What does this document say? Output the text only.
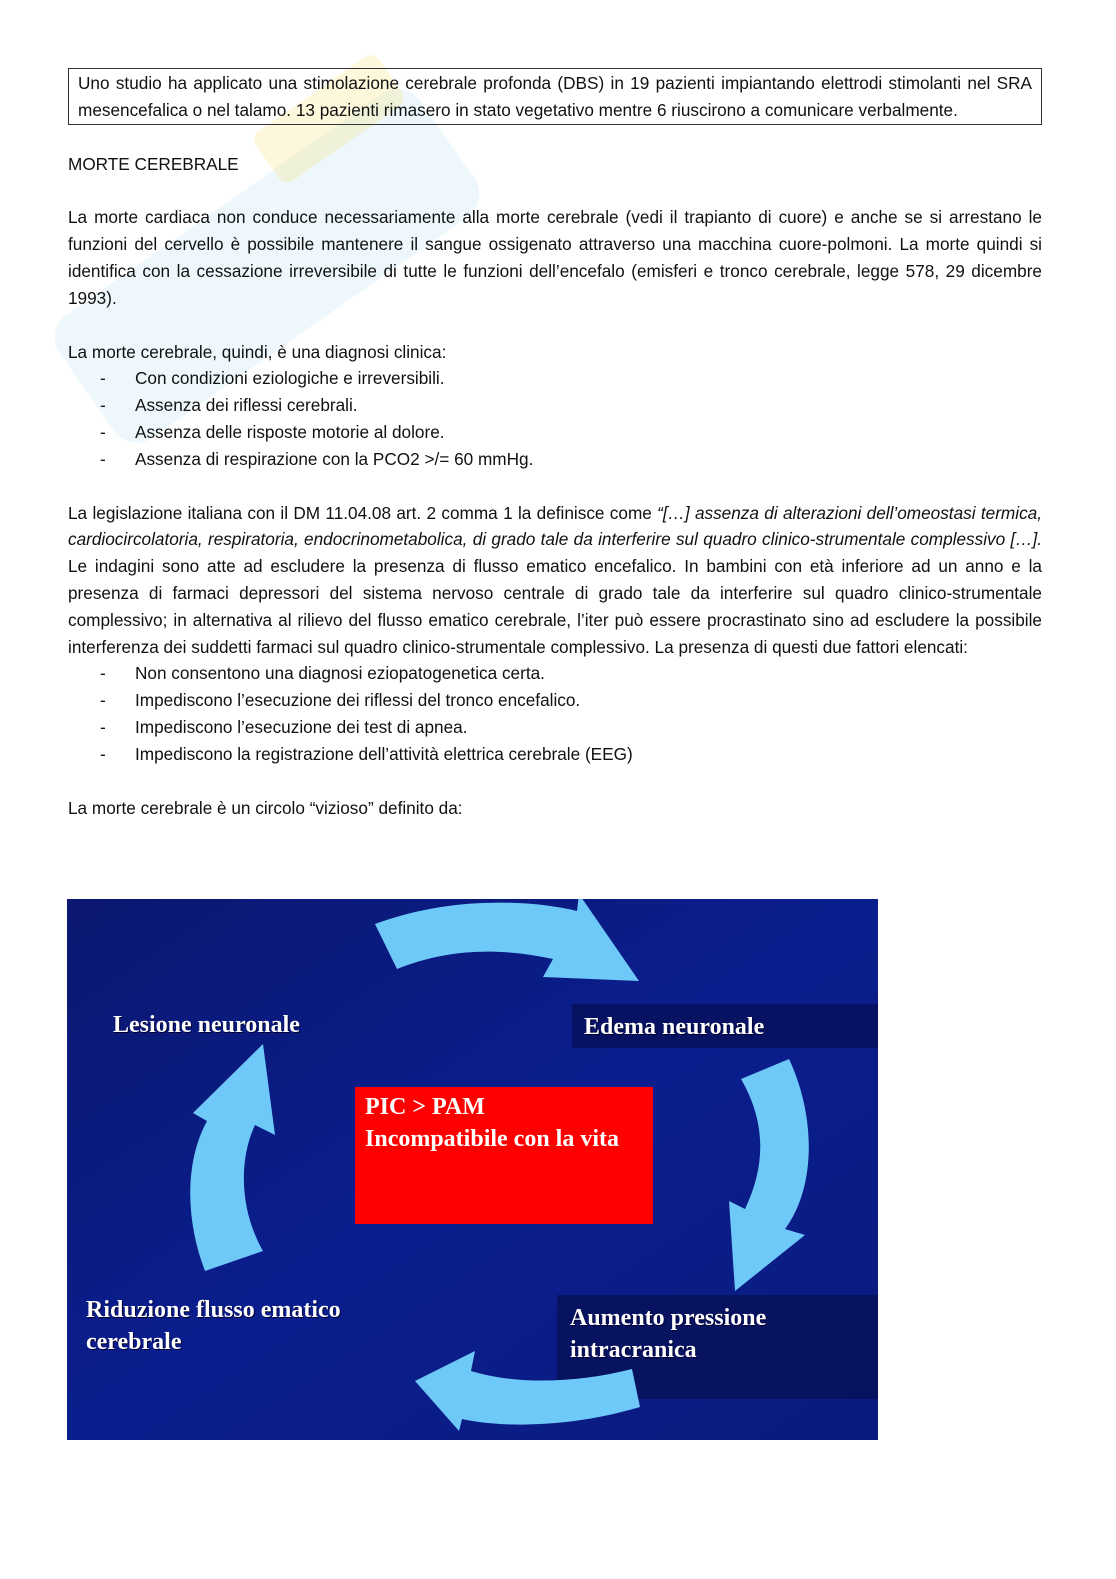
Uno studio ha applicato una stimolazione cerebrale profonda (DBS) in 19 pazienti impiantando elettrodi stimolanti nel SRA mesencefalica o nel talamo. 13 pazienti rimasero in stato vegetativo mentre 6 riuscirono a comunicare verbalmente.
MORTE CEREBRALE

La morte cardiaca non conduce necessariamente alla morte cerebrale (vedi il trapianto di cuore) e anche se si arrestano le funzioni del cervello è possibile mantenere il sangue ossigenato attraverso una macchina cuore-polmoni. La morte quindi si identifica con la cessazione irreversibile di tutte le funzioni dell’encefalo (emisferi e tronco cerebrale, legge 578, 29 dicembre 1993).

La morte cerebrale, quindi, è una diagnosi clinica:
- Con condizioni eziologiche e irreversibili.
- Assenza dei riflessi cerebrali.
- Assenza delle risposte motorie al dolore.
- Assenza di respirazione con la PCO2 >/= 60 mmHg.

La legislazione italiana con il DM 11.04.08 art. 2 comma 1 la definisce come “[…] assenza di alterazioni dell’omeostasi termica, cardiocircolatoria, respiratoria, endocrinometabolica, di grado tale da interferire sul quadro clinico-strumentale complessivo […]. Le indagini sono atte ad escludere la presenza di flusso ematico encefalico. In bambini con età inferiore ad un anno e la presenza di farmaci depressori del sistema nervoso centrale di grado tale da interferire sul quadro clinico-strumentale complessivo; in alternativa al rilievo del flusso ematico cerebrale, l’iter può essere procrastinato sino ad escludere la possibile interferenza dei suddetti farmaci sul quadro clinico-strumentale complessivo. La presenza di questi due fattori elencati:

- Non consentono una diagnosi eziopatogenetica certa.
- Impediscono l’esecuzione dei riflessi del tronco encefalico.
- Impediscono l’esecuzione dei test di apnea.
- Impediscono la registrazione dell’attività elettrica cerebrale (EEG)
La morte cerebrale è un circolo “vizioso” definito da:
Lesione neuronale	Edema neuronale
Aumento pressione
intracranica
Riduzione flusso ematico
cerebrale
PIC > PAM
Incompatibile con la vita
